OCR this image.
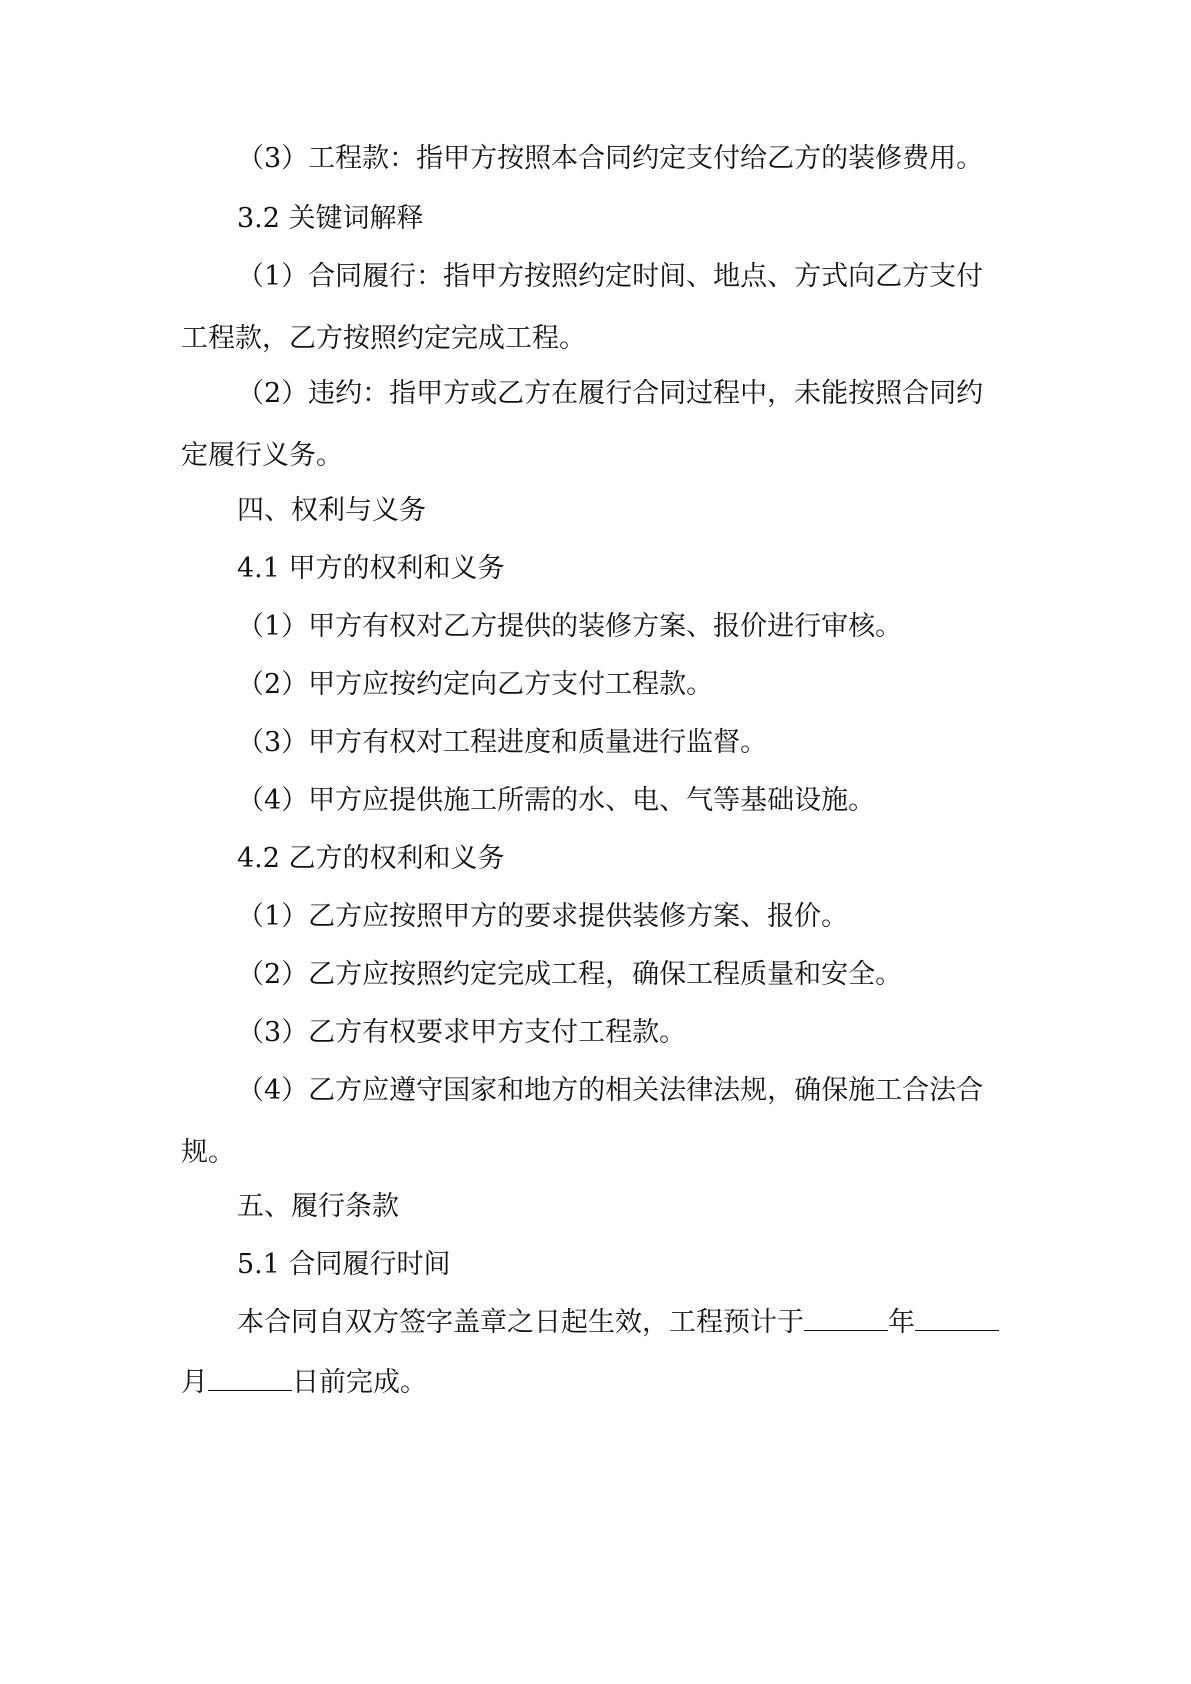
（3）工程款：指甲方按照本合同约定支付给乙方的装修费用。

3.2 关键词解释

（1）合同履行：指甲方按照约定时间、地点、方式向乙方支付
工程款，乙方按照约定完成工程。

（2）违约：指甲方或乙方在履行合同过程中，未能按照合同约
定履行义务。

四、权利与义务

4.1 甲方的权利和义务

（1）甲方有权对乙方提供的装修方案、报价进行审核。

（2）甲方应按约定向乙方支付工程款。

（3）甲方有权对工程进度和质量进行监督。

（4）甲方应提供施工所需的水、电、气等基础设施。

4.2 乙方的权利和义务

（1）乙方应按照甲方的要求提供装修方案、报价。

（2）乙方应按照约定完成工程，确保工程质量和安全。

（3）乙方有权要求甲方支付工程款。

（4）乙方应遵守国家和地方的相关法律法规，确保施工合法合
规。

五、履行条款

5.1 合同履行时间

本合同自双方签字盖章之日起生效，工程预计于	年

月	日前完成。
